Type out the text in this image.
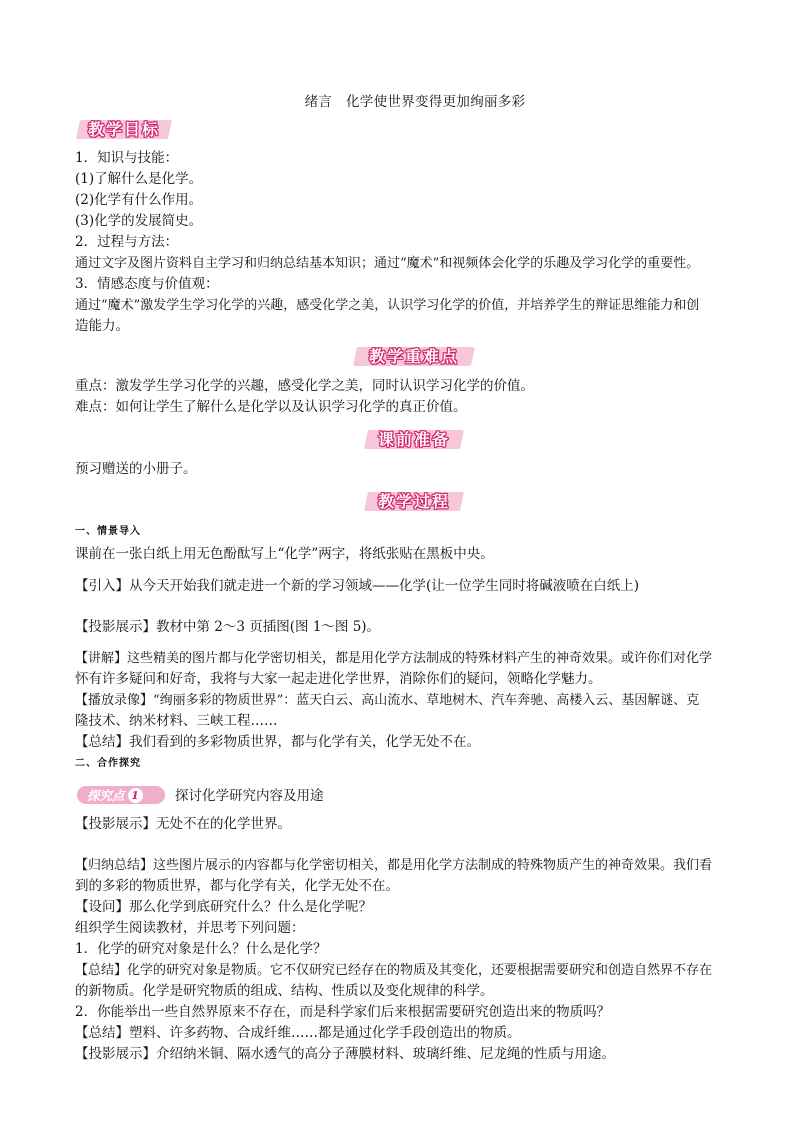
绪言　化学使世界变得更加绚丽多彩
教学目标
1．知识与技能：
(1)了解什么是化学。
(2)化学有什么作用。
(3)化学的发展简史。
2．过程与方法：
通过文字及图片资料自主学习和归纳总结基本知识；通过“魔术”和视频体会化学的乐趣及学习化学的重要性。
3．情感态度与价值观：
通过“魔术”激发学生学习化学的兴趣，感受化学之美，认识学习化学的价值，并培养学生的辩证思维能力和创
造能力。
教学重难点
重点：激发学生学习化学的兴趣，感受化学之美，同时认识学习化学的价值。
难点：如何让学生了解什么是化学以及认识学习化学的真正价值。
课前准备
预习赠送的小册子。
教学过程
一、情景导入
课前在一张白纸上用无色酚酞写上“化学”两字，将纸张贴在黑板中央。
【引入】从今天开始我们就走进一个新的学习领域——化学(让一位学生同时将碱液喷在白纸上)
【投影展示】教材中第 2～3 页插图(图 1～图 5)。
【讲解】这些精美的图片都与化学密切相关，都是用化学方法制成的特殊材料产生的神奇效果。或许你们对化学
怀有许多疑问和好奇，我将与大家一起走进化学世界，消除你们的疑问，领略化学魅力。
【播放录像】“绚丽多彩的物质世界”：蓝天白云、高山流水、草地树木、汽车奔驰、高楼入云、基因解谜、克
隆技术、纳米材料、三峡工程……
【总结】我们看到的多彩物质世界，都与化学有关，化学无处不在。
二、合作探究
探究点 1	探讨化学研究内容及用途
【投影展示】无处不在的化学世界。
【归纳总结】这些图片展示的内容都与化学密切相关，都是用化学方法制成的特殊物质产生的神奇效果。我们看
到的多彩的物质世界，都与化学有关，化学无处不在。
【设问】那么化学到底研究什么？什么是化学呢？
组织学生阅读教材，并思考下列问题：
1．化学的研究对象是什么？什么是化学？
【总结】化学的研究对象是物质。它不仅研究已经存在的物质及其变化，还要根据需要研究和创造自然界不存在
的新物质。化学是研究物质的组成、结构、性质以及变化规律的科学。
2．你能举出一些自然界原来不存在，而是科学家们后来根据需要研究创造出来的物质吗？
【总结】塑料、许多药物、合成纤维……都是通过化学手段创造出的物质。
【投影展示】介绍纳米铜、隔水透气的高分子薄膜材料、玻璃纤维、尼龙绳的性质与用途。
